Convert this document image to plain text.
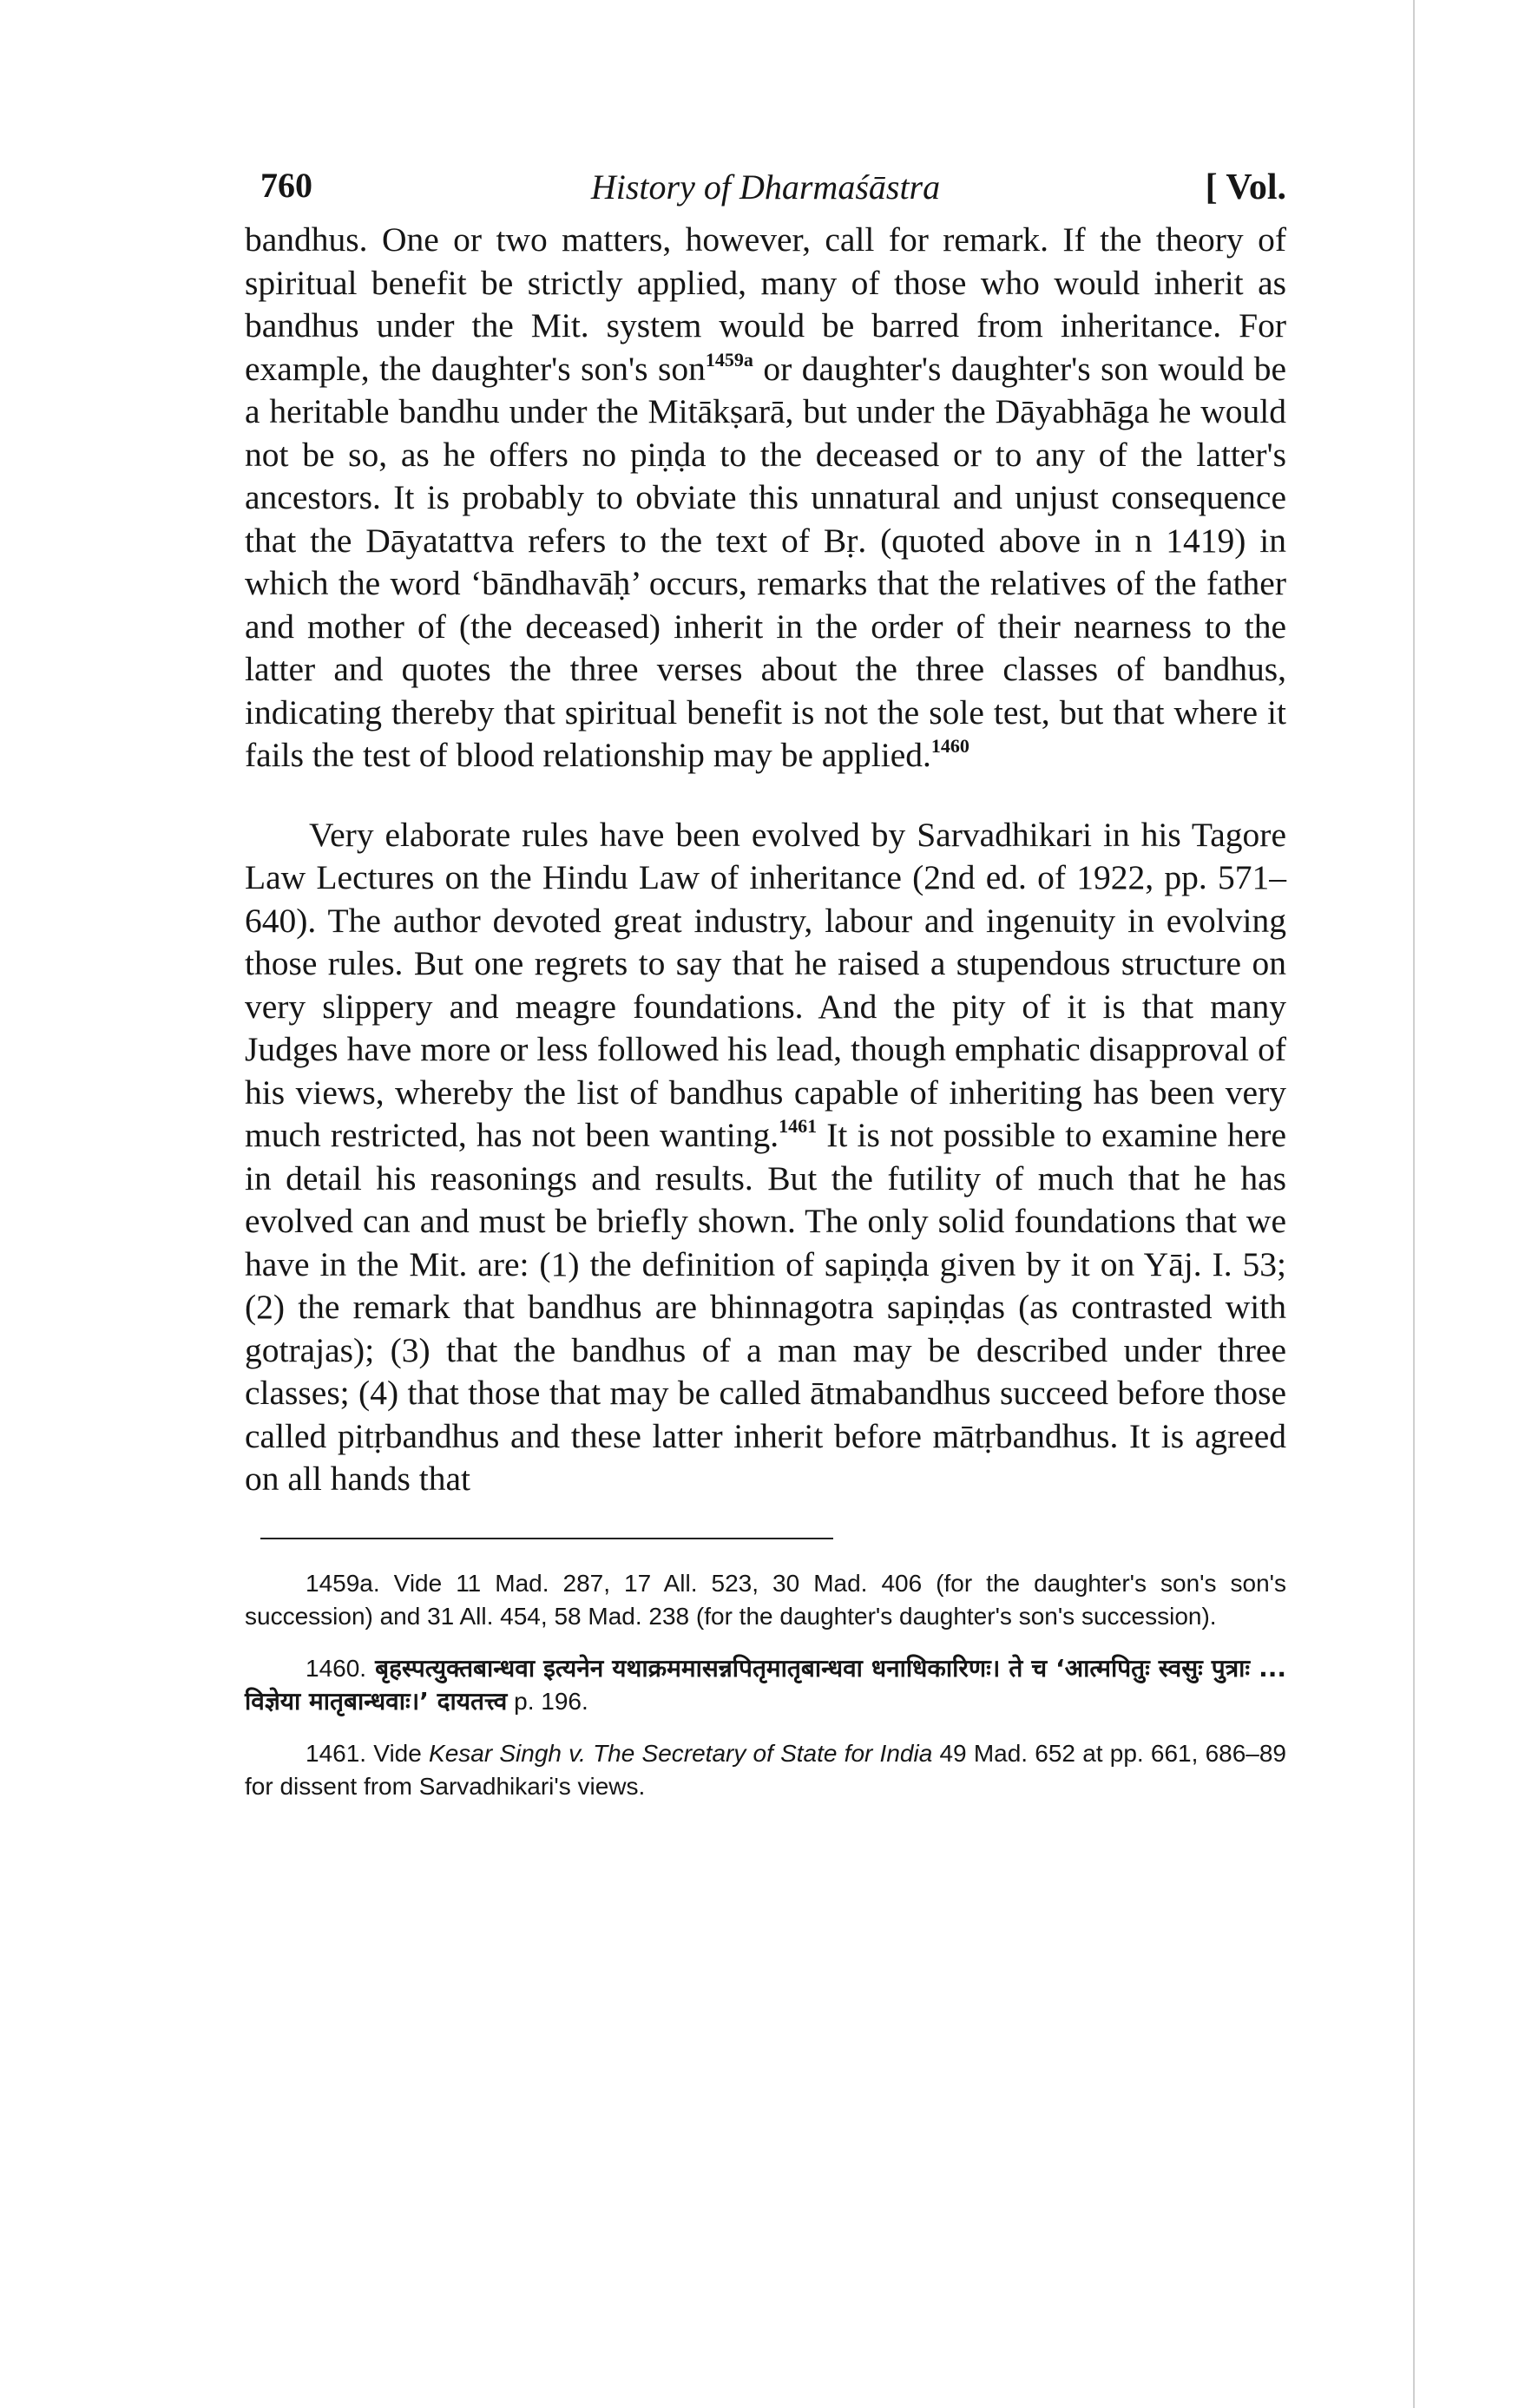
760	History of Dharmaśāstra	[ Vol.

bandhus. One or two matters, however, call for remark. If the theory of spiritual benefit be strictly applied, many of those who would inherit as bandhus under the Mit. system would be barred from inheritance. For example, the daughter's son's son$^{1459a}$ or daughter's daughter's son would be a heritable bandhu under the Mitākṣarā, but under the Dāyabhāga he would not be so, as he offers no piṇḍa to the deceased or to any of the latter's ancestors. It is probably to obviate this unnatural and unjust consequence that the Dāyatattva refers to the text of Bṛ. (quoted above in n 1419) in which the word ‘bāndhavāḥ’ occurs, remarks that the relatives of the father and mother of (the deceased) inherit in the order of their nearness to the latter and quotes the three verses about the three classes of bandhus, indicating thereby that spiritual benefit is not the sole test, but that where it fails the test of blood relationship may be applied.$^{1460}$

Very elaborate rules have been evolved by Sarvadhikari in his Tagore Law Lectures on the Hindu Law of inheritance (2nd ed. of 1922, pp. 571–640). The author devoted great industry, labour and ingenuity in evolving those rules. But one regrets to say that he raised a stupendous structure on very slippery and meagre foundations. And the pity of it is that many Judges have more or less followed his lead, though emphatic disapproval of his views, whereby the list of bandhus capable of inheriting has been very much restricted, has not been wanting.$^{1461}$ It is not possible to examine here in detail his reasonings and results. But the futility of much that he has evolved can and must be briefly shown. The only solid foundations that we have in the Mit. are: (1) the definition of sapiṇḍa given by it on Yāj. I. 53; (2) the remark that bandhus are bhinnagotra sapiṇḍas (as contrasted with gotrajas); (3) that the bandhus of a man may be described under three classes; (4) that those that may be called ātmabandhus succeed before those called pitṛbandhus and these latter inherit before mātṛbandhus. It is agreed on all hands that

1459a. Vide 11 Mad. 287, 17 All. 523, 30 Mad. 406 (for the daughter's son's son's succession) and 31 All. 454, 58 Mad. 238 (for the daughter's daughter's son's succession).

1460. बृहस्पत्युक्तबान्धवा इत्यनेन यथाक्रममासन्नपितृमातृबान्धवा धनाधिकारिणः। ते च ‘आत्मपितुः स्वसुः पुत्राः ... विज्ञेया मातृबान्धवाः।’ दायतत्त्व p. 196.

1461. Vide Kesar Singh v. The Secretary of State for India 49 Mad. 652 at pp. 661, 686–89 for dissent from Sarvadhikari's views.
